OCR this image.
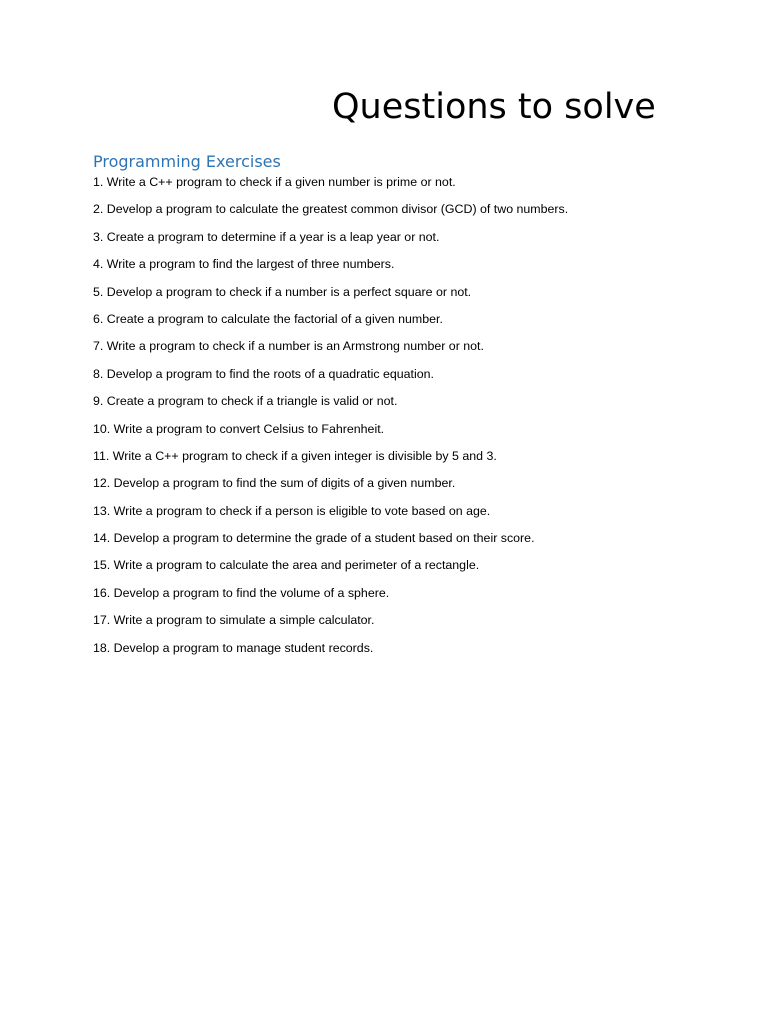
Questions to solve
Programming Exercises
1. Write a C++ program to check if a given number is prime or not.
2. Develop a program to calculate the greatest common divisor (GCD) of two numbers.
3. Create a program to determine if a year is a leap year or not.
4. Write a program to find the largest of three numbers.
5. Develop a program to check if a number is a perfect square or not.
6. Create a program to calculate the factorial of a given number.
7. Write a program to check if a number is an Armstrong number or not.
8. Develop a program to find the roots of a quadratic equation.
9. Create a program to check if a triangle is valid or not.
10. Write a program to convert Celsius to Fahrenheit.
11. Write a C++ program to check if a given integer is divisible by 5 and 3.
12. Develop a program to find the sum of digits of a given number.
13. Write a program to check if a person is eligible to vote based on age.
14. Develop a program to determine the grade of a student based on their score.
15. Write a program to calculate the area and perimeter of a rectangle.
16. Develop a program to find the volume of a sphere.
17. Write a program to simulate a simple calculator.
18. Develop a program to manage student records.
